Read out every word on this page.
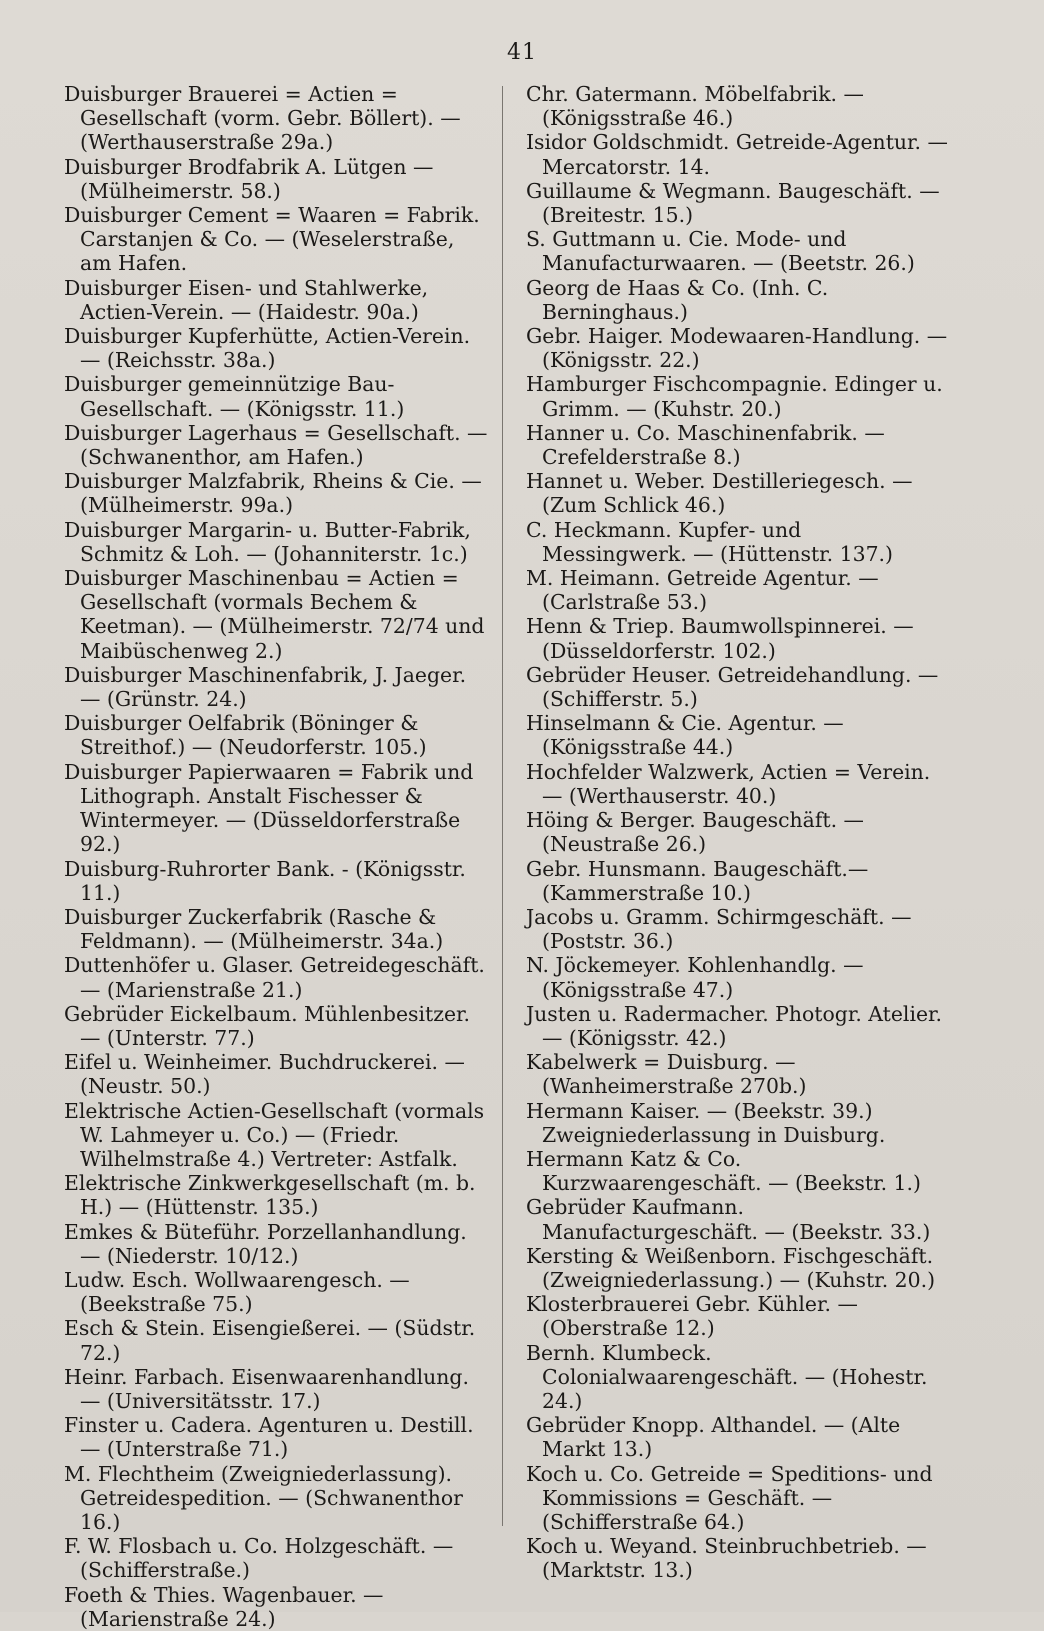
41

Duisburger Brauerei = Actien = Gesellschaft (vorm. Gebr. Böllert). — (Werthauserstraße 29a.)

Duisburger Brodfabrik A. Lütgen — (Mülheimerstr. 58.)

Duisburger Cement = Waaren = Fabrik. Carstanjen & Co. — (Weselerstraße, am Hafen.

Duisburger Eisen- und Stahlwerke, Actien-Verein. — (Haidestr. 90a.)

Duisburger Kupferhütte, Actien-Verein. — (Reichsstr. 38a.)

Duisburger gemeinnützige Bau-Gesellschaft. — (Königsstr. 11.)

Duisburger Lagerhaus = Gesellschaft. — (Schwanenthor, am Hafen.)

Duisburger Malzfabrik, Rheins & Cie. — (Mülheimerstr. 99a.)

Duisburger Margarin- u. Butter-Fabrik, Schmitz & Loh. — (Johanniterstr. 1c.)

Duisburger Maschinenbau = Actien = Gesellschaft (vormals Bechem & Keetman). — (Mülheimerstr. 72/74 und Maibüschenweg 2.)

Duisburger Maschinenfabrik, J. Jaeger. — (Grünstr. 24.)

Duisburger Oelfabrik (Böninger & Streithof.) — (Neudorferstr. 105.)

Duisburger Papierwaaren = Fabrik und Lithograph. Anstalt Fischesser & Wintermeyer. — (Düsseldorferstraße 92.)

Duisburg-Ruhrorter Bank. - (Königsstr. 11.)

Duisburger Zuckerfabrik (Rasche & Feldmann). — (Mülheimerstr. 34a.)

Duttenhöfer u. Glaser. Getreidegeschäft. — (Marienstraße 21.)

Gebrüder Eickelbaum. Mühlenbesitzer. — (Unterstr. 77.)

Eifel u. Weinheimer. Buchdruckerei. — (Neustr. 50.)

Elektrische Actien-Gesellschaft (vormals W. Lahmeyer u. Co.) — (Friedr. Wilhelmstraße 4.) Vertreter: Astfalk.

Elektrische Zinkwerkgesellschaft (m. b. H.) — (Hüttenstr. 135.)

Emkes & Büteführ. Porzellanhandlung. — (Niederstr. 10/12.)

Ludw. Esch. Wollwaarengesch. — (Beekstraße 75.)

Esch & Stein. Eisengießerei. — (Südstr. 72.)

Heinr. Farbach. Eisenwaarenhandlung. — (Universitätsstr. 17.)

Finster u. Cadera. Agenturen u. Destill. — (Unterstraße 71.)

M. Flechtheim (Zweigniederlassung). Getreidespedition. — (Schwanenthor 16.)

F. W. Flosbach u. Co. Holzgeschäft. — (Schifferstraße.)

Foeth & Thies. Wagenbauer. — (Marienstraße 24.)

Chr. Gatermann. Möbelfabrik. — (Königsstraße 46.)

Isidor Goldschmidt. Getreide-Agentur. — Mercatorstr. 14.

Guillaume & Wegmann. Baugeschäft. — (Breitestr. 15.)

S. Guttmann u. Cie. Mode- und Manufacturwaaren. — (Beetstr. 26.)

Georg de Haas & Co. (Inh. C. Berninghaus.)

Gebr. Haiger. Modewaaren-Handlung. — (Königsstr. 22.)

Hamburger Fischcompagnie. Edinger u. Grimm. — (Kuhstr. 20.)

Hanner u. Co. Maschinenfabrik. — Crefelderstraße 8.)

Hannet u. Weber. Destilleriegesch. — (Zum Schlick 46.)

C. Heckmann. Kupfer- und Messingwerk. — (Hüttenstr. 137.)

M. Heimann. Getreide Agentur. — (Carlstraße 53.)

Henn & Triep. Baumwollspinnerei. — (Düsseldorferstr. 102.)

Gebrüder Heuser. Getreidehandlung. — (Schifferstr. 5.)

Hinselmann & Cie. Agentur. — (Königsstraße 44.)

Hochfelder Walzwerk, Actien = Verein. — (Werthauserstr. 40.)

Höing & Berger. Baugeschäft. — (Neustraße 26.)

Gebr. Hunsmann. Baugeschäft.—(Kammerstraße 10.)

Jacobs u. Gramm. Schirmgeschäft. — (Poststr. 36.)

N. Jöckemeyer. Kohlenhandlg. — (Königsstraße 47.)

Justen u. Radermacher. Photogr. Atelier. — (Königsstr. 42.)

Kabelwerk = Duisburg. — (Wanheimerstraße 270b.)

Hermann Kaiser. — (Beekstr. 39.) Zweigniederlassung in Duisburg.

Hermann Katz & Co. Kurzwaarengeschäft. — (Beekstr. 1.)

Gebrüder Kaufmann. Manufacturgeschäft. — (Beekstr. 33.)

Kersting & Weißenborn. Fischgeschäft. (Zweigniederlassung.) — (Kuhstr. 20.)

Klosterbrauerei Gebr. Kühler. — (Oberstraße 12.)

Bernh. Klumbeck. Colonialwaarengeschäft. — (Hohestr. 24.)

Gebrüder Knopp. Althandel. — (Alte Markt 13.)

Koch u. Co. Getreide = Speditions- und Kommissions = Geschäft. — (Schifferstraße 64.)

Koch u. Weyand. Steinbruchbetrieb. — (Marktstr. 13.)
